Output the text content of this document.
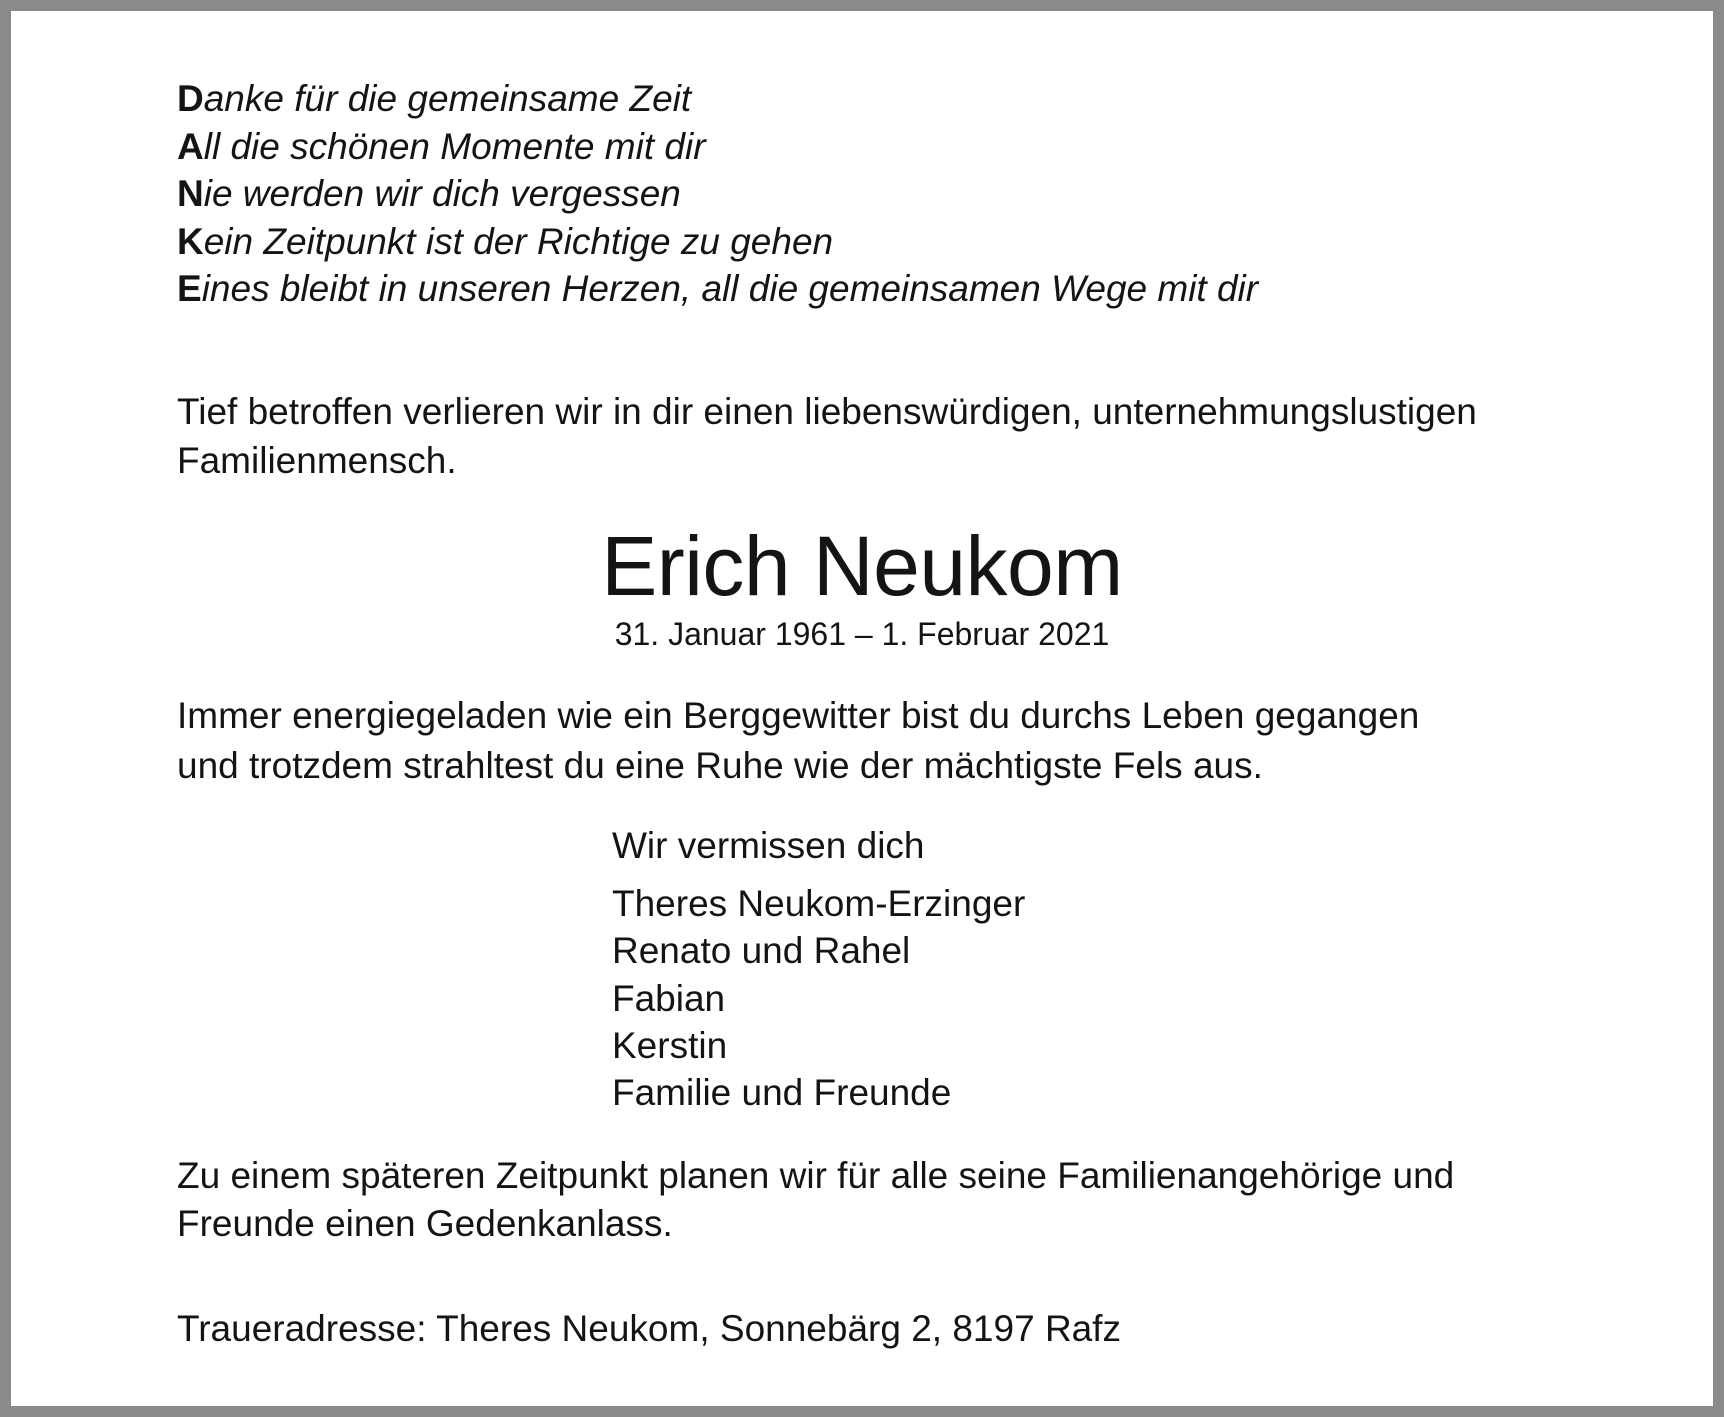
Danke für die gemeinsame Zeit
All die schönen Momente mit dir
Nie werden wir dich vergessen
Kein Zeitpunkt ist der Richtige zu gehen
Eines bleibt in unseren Herzen, all die gemeinsamen Wege mit dir

Tief betroffen verlieren wir in dir einen liebenswürdigen, unternehmungslustigen
Familienmensch.

Erich Neukom

31. Januar 1961 – 1. Februar 2021

Immer energiegeladen wie ein Berggewitter bist du durchs Leben gegangen
und trotzdem strahltest du eine Ruhe wie der mächtigste Fels aus.

Wir vermissen dich

Theres Neukom-Erzinger
Renato und Rahel
Fabian
Kerstin
Familie und Freunde

Zu einem späteren Zeitpunkt planen wir für alle seine Familienangehörige und
Freunde einen Gedenkanlass.

Traueradresse: Theres Neukom, Sonnebärg 2, 8197 Rafz
